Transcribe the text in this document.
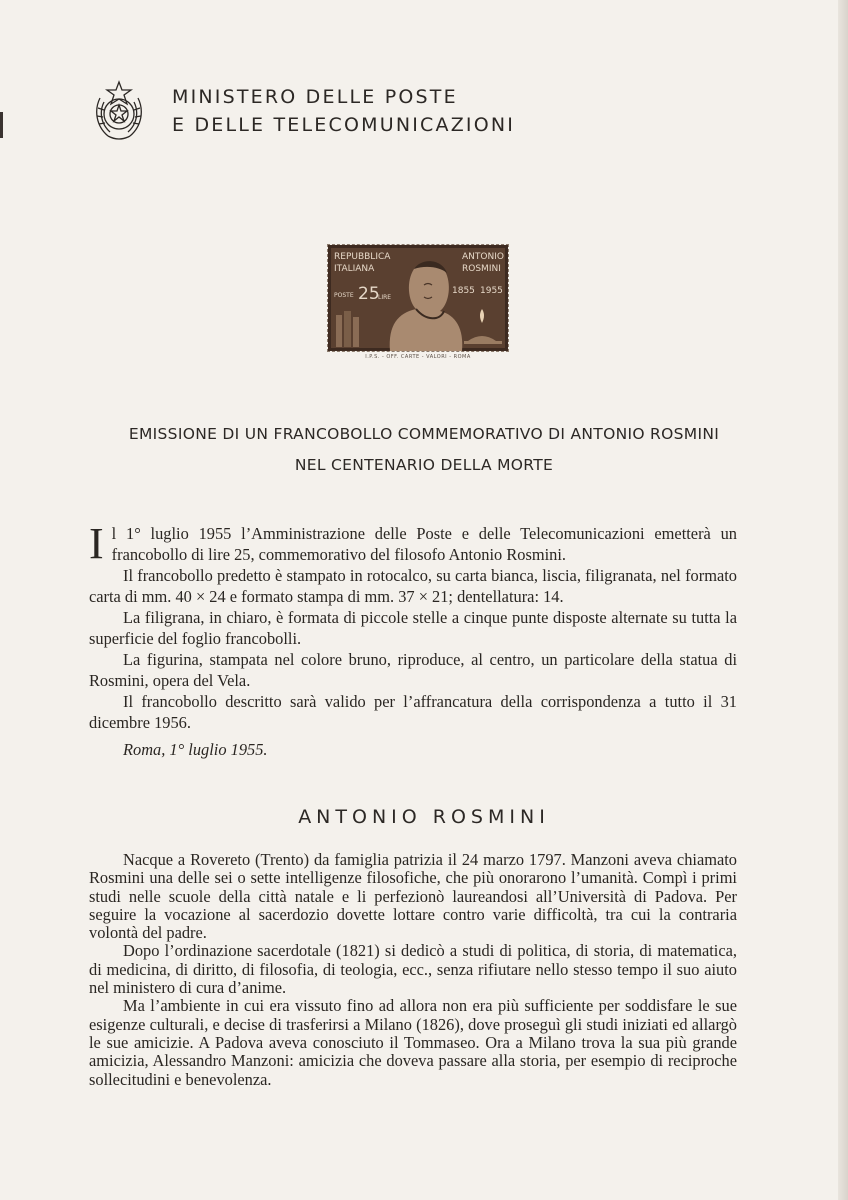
MINISTERO DELLE POSTE
E DELLE TELECOMUNICAZIONI
REPUBBLICA
ITALIANA
POSTE 25
LIRE
ANTONIO
ROSMINI
1855 1955
I.P.S. - OFF. CARTE - VALORI - ROMA
EMISSIONE DI UN FRANCOBOLLO COMMEMORATIVO DI ANTONIO ROSMINI
NEL CENTENARIO DELLA MORTE

Il 1° luglio 1955 l’Amministrazione delle Poste e delle Telecomunicazioni emetterà un francobollo di lire 25, commemorativo del filosofo Antonio Rosmini.

Il francobollo predetto è stampato in rotocalco, su carta bianca, liscia, filigranata, nel formato carta di mm. 40 × 24 e formato stampa di mm. 37 × 21; dentellatura: 14.

La filigrana, in chiaro, è formata di piccole stelle a cinque punte disposte alternate su tutta la superficie del foglio francobolli.

La figurina, stampata nel colore bruno, riproduce, al centro, un particolare della statua di Rosmini, opera del Vela.

Il francobollo descritto sarà valido per l’affrancatura della corrispondenza a tutto il 31 dicembre 1956.

Roma, 1° luglio 1955.

ANTONIO ROSMINI

Nacque a Rovereto (Trento) da famiglia patrizia il 24 marzo 1797. Manzoni aveva chiamato Rosmini una delle sei o sette intelligenze filosofiche, che più onorarono l’umanità. Compì i primi studi nelle scuole della città natale e li perfezionò laureandosi all’Università di Padova. Per seguire la vocazione al sacerdozio dovette lottare contro varie difficoltà, tra cui la contraria volontà del padre.

Dopo l’ordinazione sacerdotale (1821) si dedicò a studi di politica, di storia, di matematica, di medicina, di diritto, di filosofia, di teologia, ecc., senza rifiutare nello stesso tempo il suo aiuto nel ministero di cura d’anime.

Ma l’ambiente in cui era vissuto fino ad allora non era più sufficiente per soddisfare le sue esigenze culturali, e decise di trasferirsi a Milano (1826), dove proseguì gli studi iniziati ed allargò le sue amicizie. A Padova aveva conosciuto il Tommaseo. Ora a Milano trova la sua più grande amicizia, Alessandro Manzoni: amicizia che doveva passare alla storia, per esempio di reciproche sollecitudini e benevolenza.
